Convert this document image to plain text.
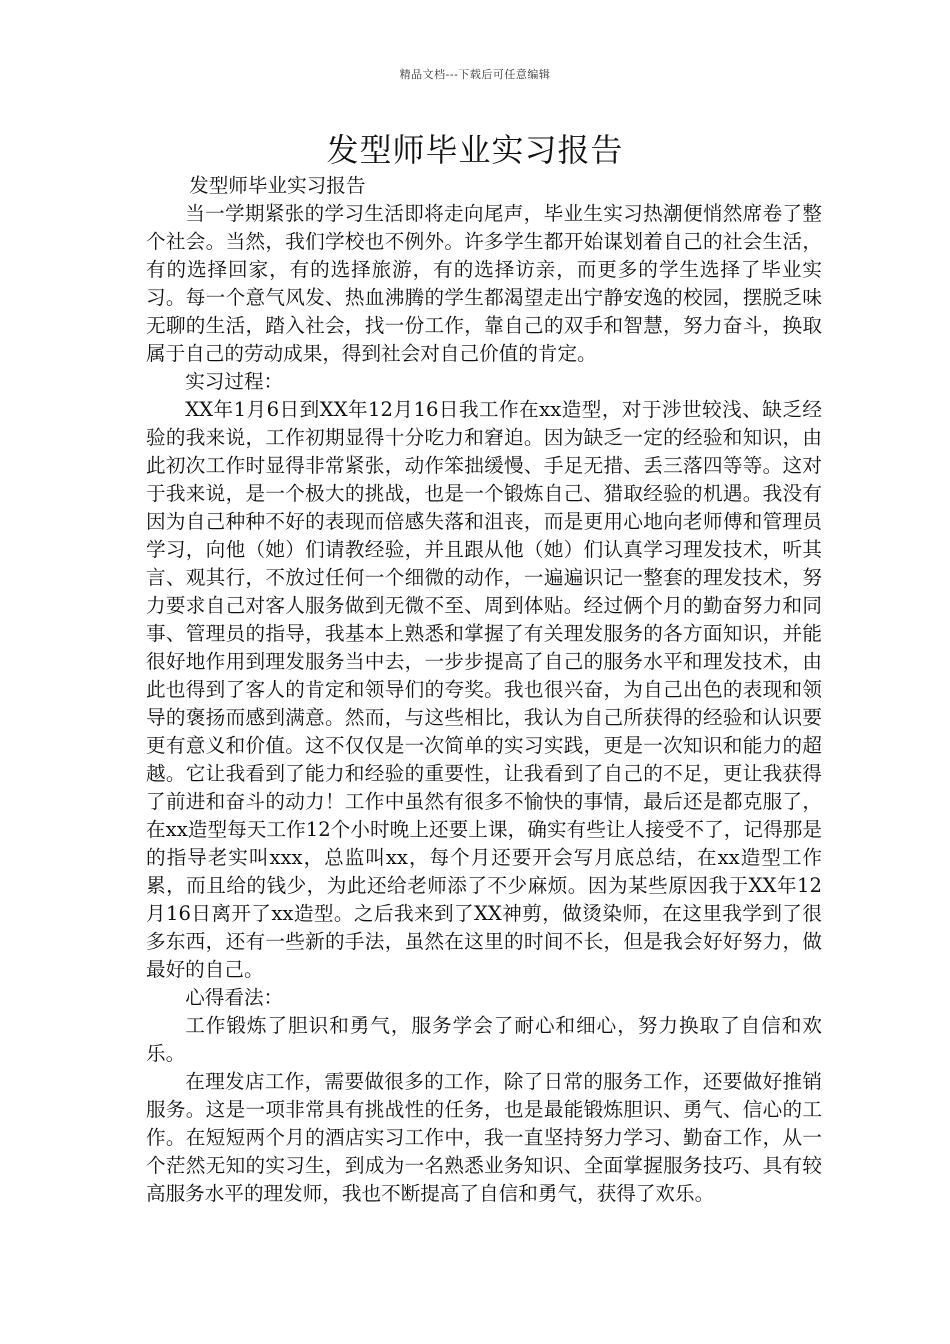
精品文档---下载后可任意编辑
发型师毕业实习报告

发型师毕业实习报告

当一学期紧张的学习生活即将走向尾声，毕业生实习热潮便悄然席卷了整个社会。当然，我们学校也不例外。许多学生都开始谋划着自己的社会生活，有的选择回家，有的选择旅游，有的选择访亲，而更多的学生选择了毕业实习。每一个意气风发、热血沸腾的学生都渴望走出宁静安逸的校园，摆脱乏味无聊的生活，踏入社会，找一份工作，靠自己的双手和智慧，努力奋斗，换取属于自己的劳动成果，得到社会对自己价值的肯定。

实习过程：

XX年1月6日到XX年12月16日我工作在xx造型，对于涉世较浅、缺乏经验的我来说，工作初期显得十分吃力和窘迫。因为缺乏一定的经验和知识，由此初次工作时显得非常紧张，动作笨拙缓慢、手足无措、丢三落四等等。这对于我来说，是一个极大的挑战，也是一个锻炼自己、猎取经验的机遇。我没有因为自己种种不好的表现而倍感失落和沮丧，而是更用心地向老师傅和管理员学习，向他（她）们请教经验，并且跟从他（她）们认真学习理发技术，听其言、观其行，不放过任何一个细微的动作，一遍遍识记一整套的理发技术，努力要求自己对客人服务做到无微不至、周到体贴。经过俩个月的勤奋努力和同事、管理员的指导，我基本上熟悉和掌握了有关理发服务的各方面知识，并能很好地作用到理发服务当中去，一步步提高了自己的服务水平和理发技术，由此也得到了客人的肯定和领导们的夸奖。我也很兴奋，为自己出色的表现和领导的褒扬而感到满意。然而，与这些相比，我认为自己所获得的经验和认识要更有意义和价值。这不仅仅是一次简单的实习实践，更是一次知识和能力的超越。它让我看到了能力和经验的重要性，让我看到了自己的不足，更让我获得了前进和奋斗的动力！工作中虽然有很多不愉快的事情，最后还是都克服了，在xx造型每天工作12个小时晚上还要上课，确实有些让人接受不了，记得那是的指导老实叫xxx，总监叫xx，每个月还要开会写月底总结，在xx造型工作累，而且给的钱少，为此还给老师添了不少麻烦。因为某些原因我于XX年12月16日离开了xx造型。之后我来到了XX神剪，做烫染师，在这里我学到了很多东西，还有一些新的手法，虽然在这里的时间不长，但是我会好好努力，做最好的自己。

心得看法：

工作锻炼了胆识和勇气，服务学会了耐心和细心，努力换取了自信和欢乐。

在理发店工作，需要做很多的工作，除了日常的服务工作，还要做好推销服务。这是一项非常具有挑战性的任务，也是最能锻炼胆识、勇气、信心的工作。在短短两个月的酒店实习工作中，我一直坚持努力学习、勤奋工作，从一个茫然无知的实习生，到成为一名熟悉业务知识、全面掌握服务技巧、具有较高服务水平的理发师，我也不断提高了自信和勇气，获得了欢乐。
